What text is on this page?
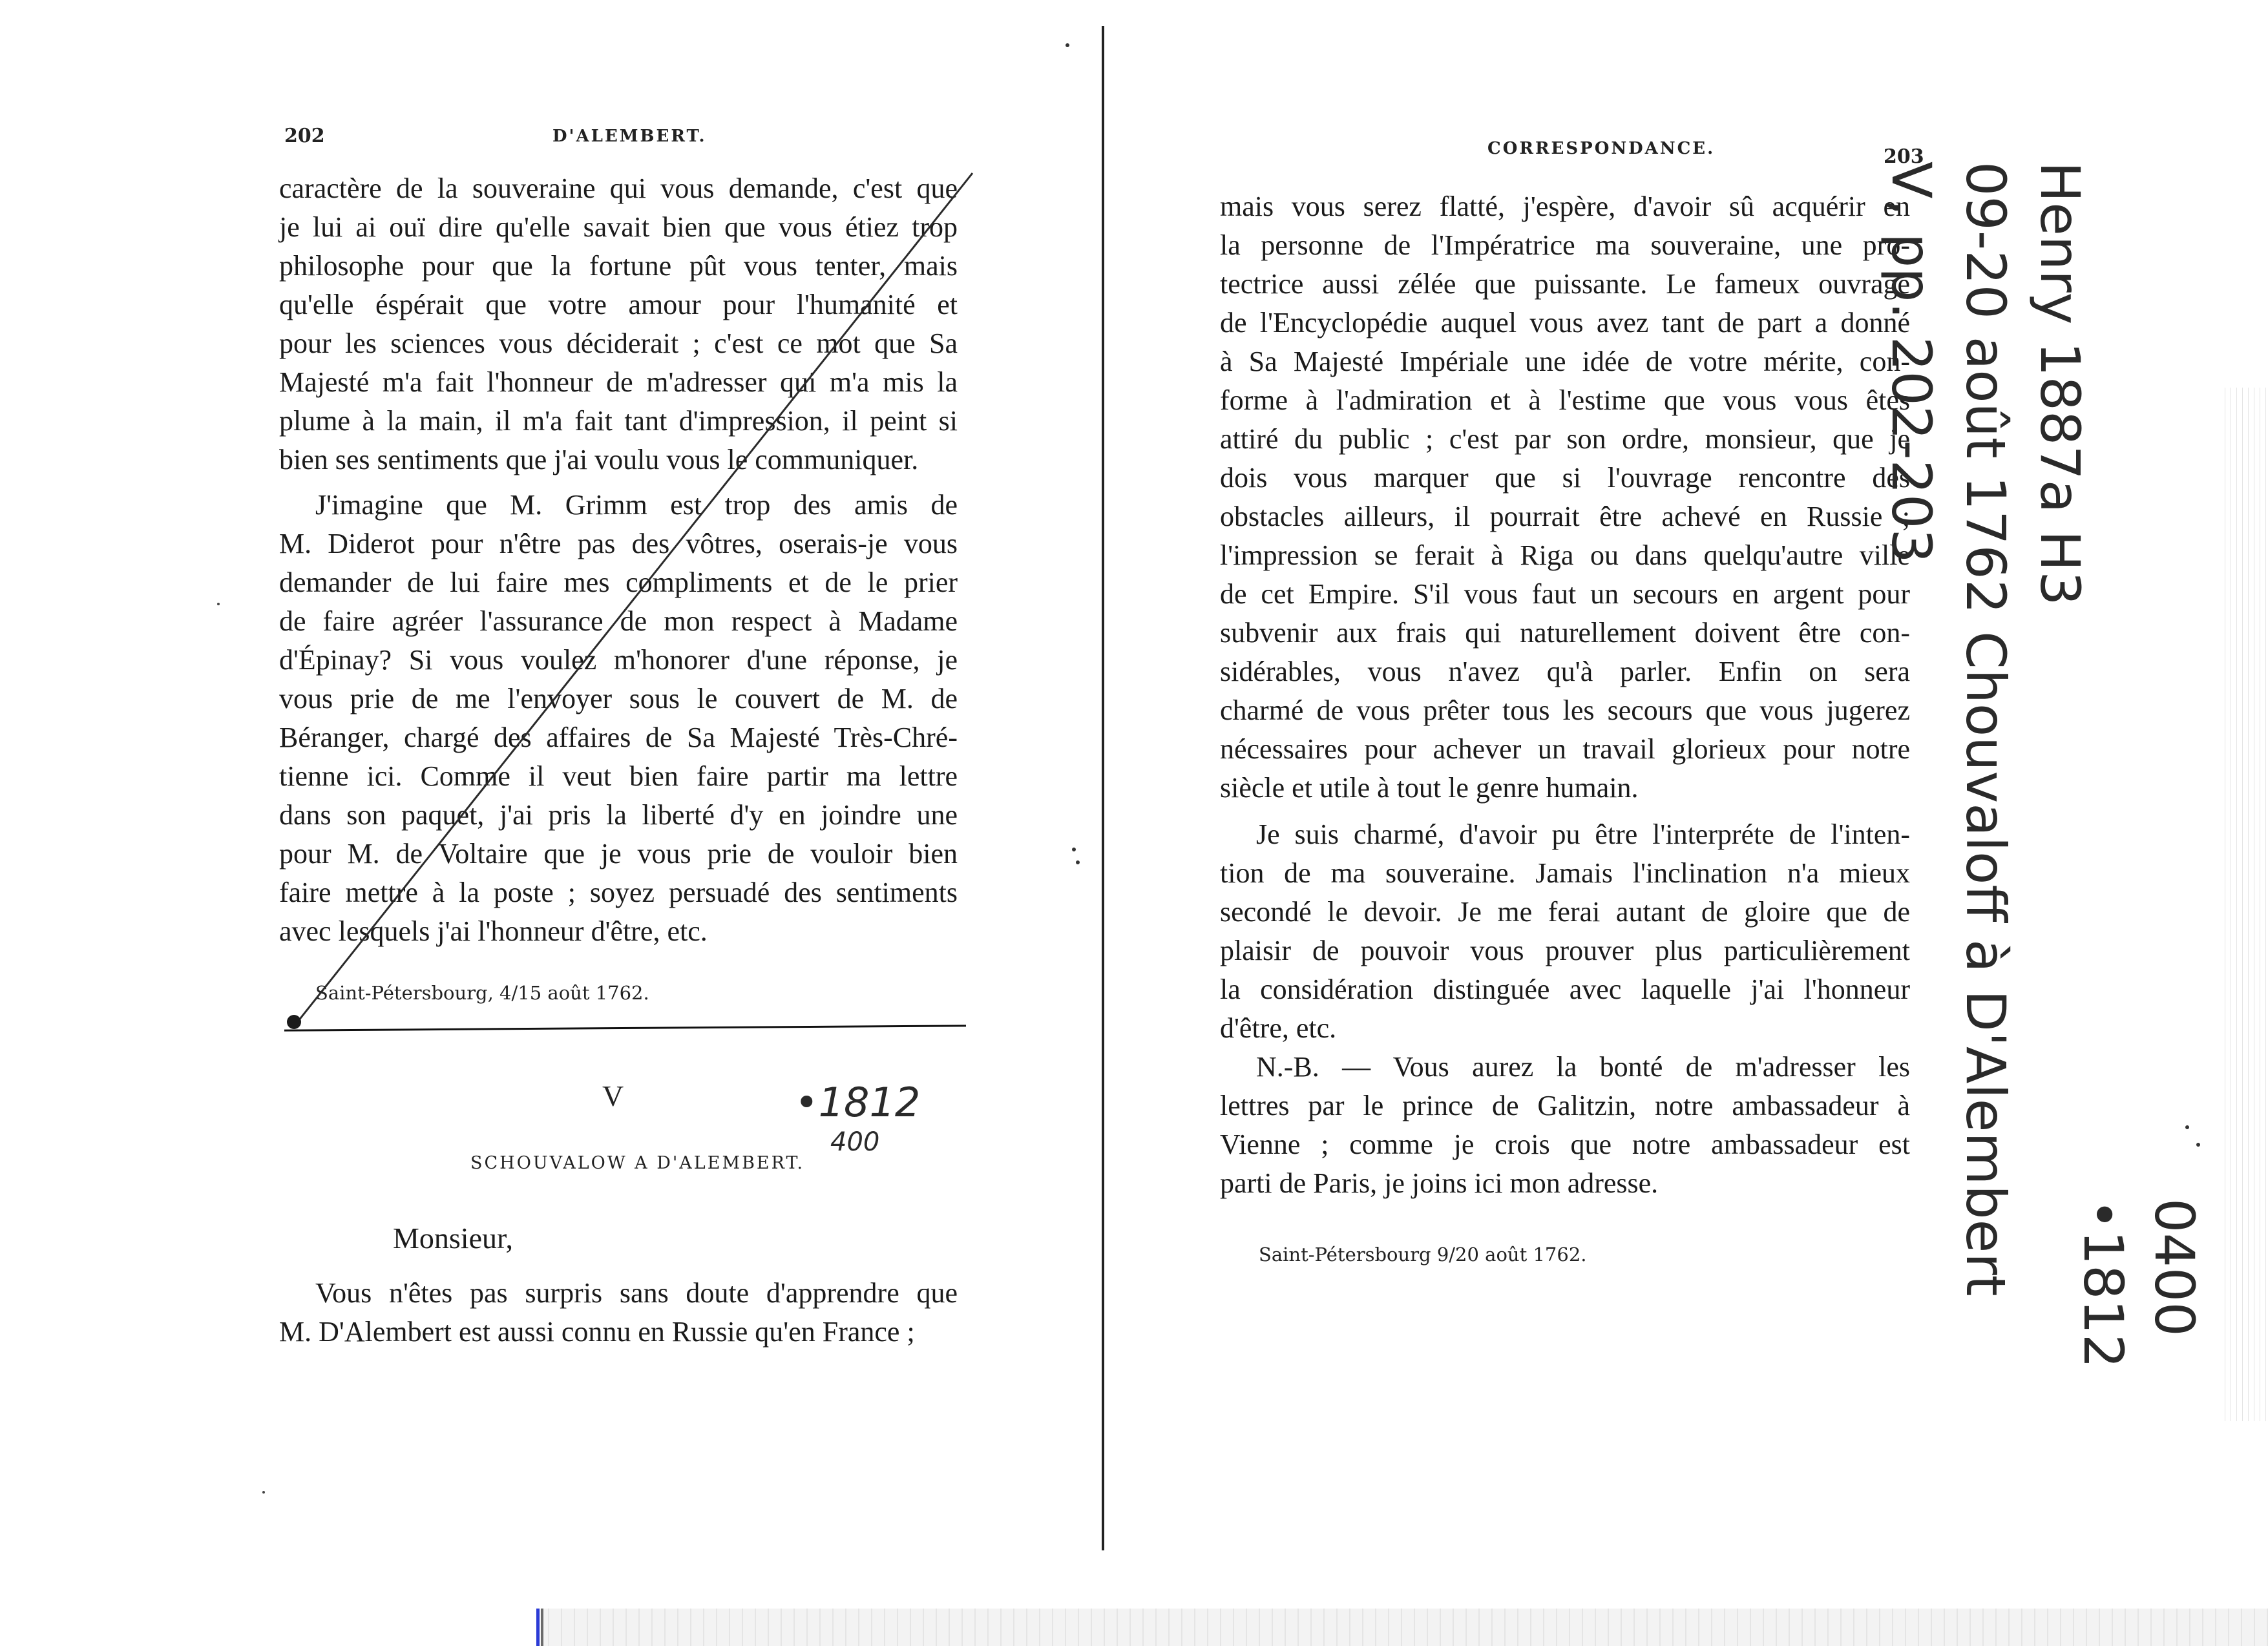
202	D'ALEMBERT.
caractère de la souveraine qui vous demande, c'est que
je lui ai ouï dire qu'elle savait bien que vous étiez trop
philosophe pour que la fortune pût vous tenter, mais
qu'elle éspérait que votre amour pour l'humanité et
pour les sciences vous déciderait ; c'est ce mot que Sa
Majesté m'a fait l'honneur de m'adresser qui m'a mis la
plume à la main, il m'a fait tant d'impression, il peint si
bien ses sentiments que j'ai voulu vous le communiquer.
J'imagine que M. Grimm est trop des amis de
M. Diderot pour n'être pas des vôtres, oserais-je vous
demander de lui faire mes compliments et de le prier
de faire agréer l'assurance de mon respect à Madame
d'Épinay? Si vous voulez m'honorer d'une réponse, je
vous prie de me l'envoyer sous le couvert de M. de
Béranger, chargé des affaires de Sa Majesté Très-Chré-
tienne ici. Comme il veut bien faire partir ma lettre
dans son paquet, j'ai pris la liberté d'y en joindre une
pour M. de Voltaire que je vous prie de vouloir bien
faire mettre à la poste ; soyez persuadé des sentiments
avec lesquels j'ai l'honneur d'être, etc.
Saint-Pétersbourg, 4/15 août 1762.
V
SCHOUVALOW A D'ALEMBERT.
Monsieur,
Vous n'êtes pas surpris sans doute d'apprendre que
M. D'Alembert est aussi connu en Russie qu'en France ;
•1812
400
CORRESPONDANCE.	203
mais vous serez flatté, j'espère, d'avoir sû acquérir en
la personne de l'Impératrice ma souveraine, une pro-
tectrice aussi zélée que puissante. Le fameux ouvrage
de l'Encyclopédie auquel vous avez tant de part a donné
à Sa Majesté Impériale une idée de votre mérite, con-
forme à l'admiration et à l'estime que vous vous êtes
attiré du public ; c'est par son ordre, monsieur, que je
dois vous marquer que si l'ouvrage rencontre des
obstacles ailleurs, il pourrait être achevé en Russie ;
l'impression se ferait à Riga ou dans quelqu'autre ville
de cet Empire. S'il vous faut un secours en argent pour
subvenir aux frais qui naturellement doivent être con-
sidérables, vous n'avez qu'à parler. Enfin on sera
charmé de vous prêter tous les secours que vous jugerez
nécessaires pour achever un travail glorieux pour notre
siècle et utile à tout le genre humain.
Je suis charmé, d'avoir pu être l'interpréte de l'inten-
tion de ma souveraine. Jamais l'inclination n'a mieux
secondé le devoir. Je me ferai autant de gloire que de
plaisir de pouvoir vous prouver plus particulièrement
la considération distinguée avec laquelle j'ai l'honneur
d'être, etc.
N.-B. — Vous aurez la bonté de m'adresser les
lettres par le prince de Galitzin, notre ambassadeur à
Vienne ; comme je crois que notre ambassadeur est
parti de Paris, je joins ici mon adresse.
Saint-Pétersbourg 9/20 août 1762.
Henry 1887a H3
09-20 août 1762 Chouvaloff à D'Alembert
V, pp. 202-203
0400
•1812
